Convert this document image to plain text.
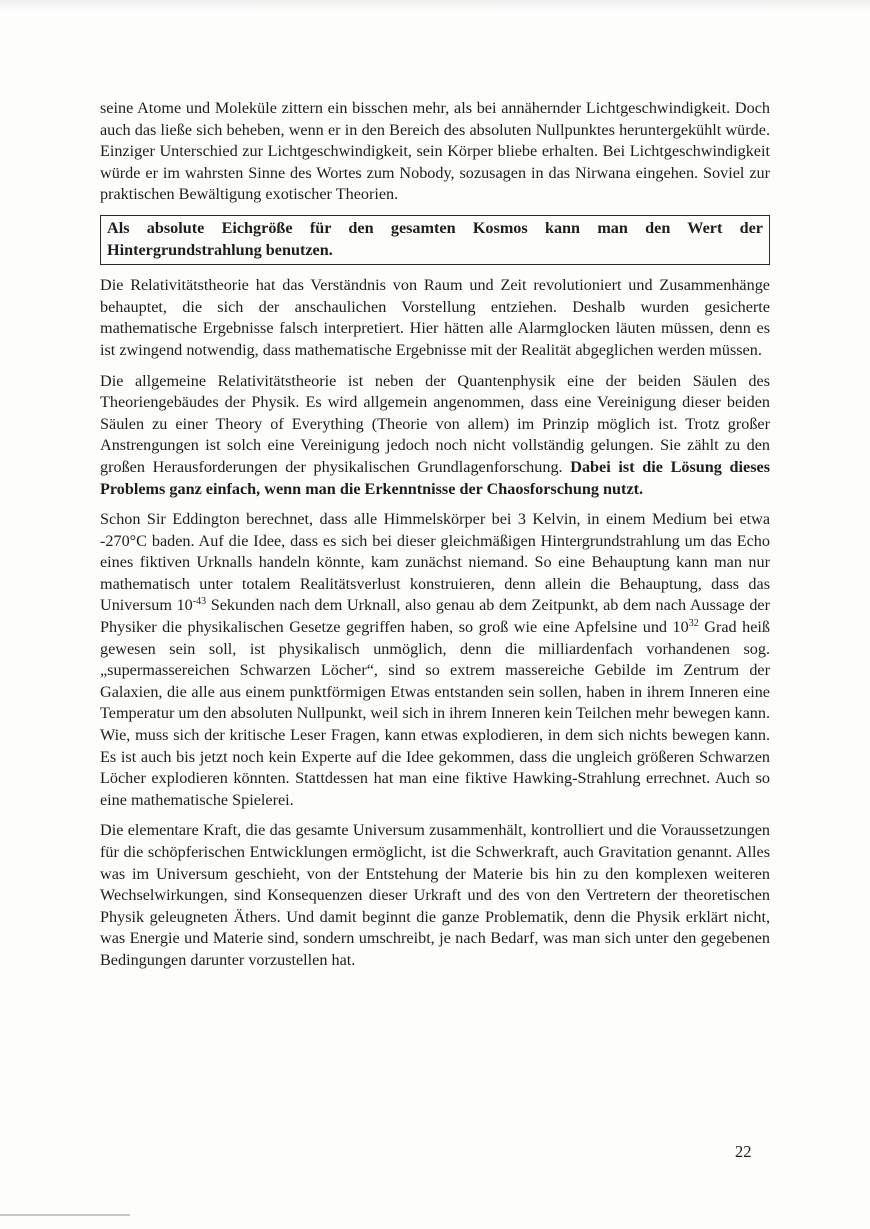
seine Atome und Moleküle zittern ein bisschen mehr, als bei annähernder Lichtgeschwindigkeit. Doch auch das ließe sich beheben, wenn er in den Bereich des absoluten Nullpunktes heruntergekühlt würde. Einziger Unterschied zur Lichtgeschwindigkeit, sein Körper bliebe erhalten. Bei Lichtgeschwindigkeit würde er im wahrsten Sinne des Wortes zum Nobody, sozusagen in das Nirwana eingehen. Soviel zur praktischen Bewältigung exotischer Theorien.

Als absolute Eichgröße für den gesamten Kosmos kann man den Wert der Hintergrundstrahlung benutzen.

Die Relativitätstheorie hat das Verständnis von Raum und Zeit revolutioniert und Zusammenhänge behauptet, die sich der anschaulichen Vorstellung entziehen. Deshalb wurden gesicherte mathematische Ergebnisse falsch interpretiert. Hier hätten alle Alarmglocken läuten müssen, denn es ist zwingend notwendig, dass mathematische Ergebnisse mit der Realität abgeglichen werden müssen.

Die allgemeine Relativitätstheorie ist neben der Quantenphysik eine der beiden Säulen des Theoriengebäudes der Physik. Es wird allgemein angenommen, dass eine Vereinigung dieser beiden Säulen zu einer Theory of Everything (Theorie von allem) im Prinzip möglich ist. Trotz großer Anstrengungen ist solch eine Vereinigung jedoch noch nicht vollständig gelungen. Sie zählt zu den großen Herausforderungen der physikalischen Grundlagenforschung. Dabei ist die Lösung dieses Problems ganz einfach, wenn man die Erkenntnisse der Chaosforschung nutzt.

Schon Sir Eddington berechnet, dass alle Himmelskörper bei 3 Kelvin, in einem Medium bei etwa -270°C baden. Auf die Idee, dass es sich bei dieser gleichmäßigen Hintergrundstrahlung um das Echo eines fiktiven Urknalls handeln könnte, kam zunächst niemand. So eine Behauptung kann man nur mathematisch unter totalem Realitätsverlust konstruieren, denn allein die Behauptung, dass das Universum $10^{-43}$ Sekunden nach dem Urknall, also genau ab dem Zeitpunkt, ab dem nach Aussage der Physiker die physikalischen Gesetze gegriffen haben, so groß wie eine Apfelsine und $10^{32}$ Grad heiß gewesen sein soll, ist physikalisch unmöglich, denn die milliardenfach vorhandenen sog. „supermassereichen Schwarzen Löcher“, sind so extrem massereiche Gebilde im Zentrum der Galaxien, die alle aus einem punktförmigen Etwas entstanden sein sollen, haben in ihrem Inneren eine Temperatur um den absoluten Nullpunkt, weil sich in ihrem Inneren kein Teilchen mehr bewegen kann. Wie, muss sich der kritische Leser Fragen, kann etwas explodieren, in dem sich nichts bewegen kann. Es ist auch bis jetzt noch kein Experte auf die Idee gekommen, dass die ungleich größeren Schwarzen Löcher explodieren könnten. Stattdessen hat man eine fiktive Hawking-Strahlung errechnet. Auch so eine mathematische Spielerei.

Die elementare Kraft, die das gesamte Universum zusammenhält, kontrolliert und die Voraussetzungen für die schöpferischen Entwicklungen ermöglicht, ist die Schwerkraft, auch Gravitation genannt. Alles was im Universum geschieht, von der Entstehung der Materie bis hin zu den komplexen weiteren Wechselwirkungen, sind Konsequenzen dieser Urkraft und des von den Vertretern der theoretischen Physik geleugneten Äthers. Und damit beginnt die ganze Problematik, denn die Physik erklärt nicht, was Energie und Materie sind, sondern umschreibt, je nach Bedarf, was man sich unter den gegebenen Bedingungen darunter vorzustellen hat.

22
